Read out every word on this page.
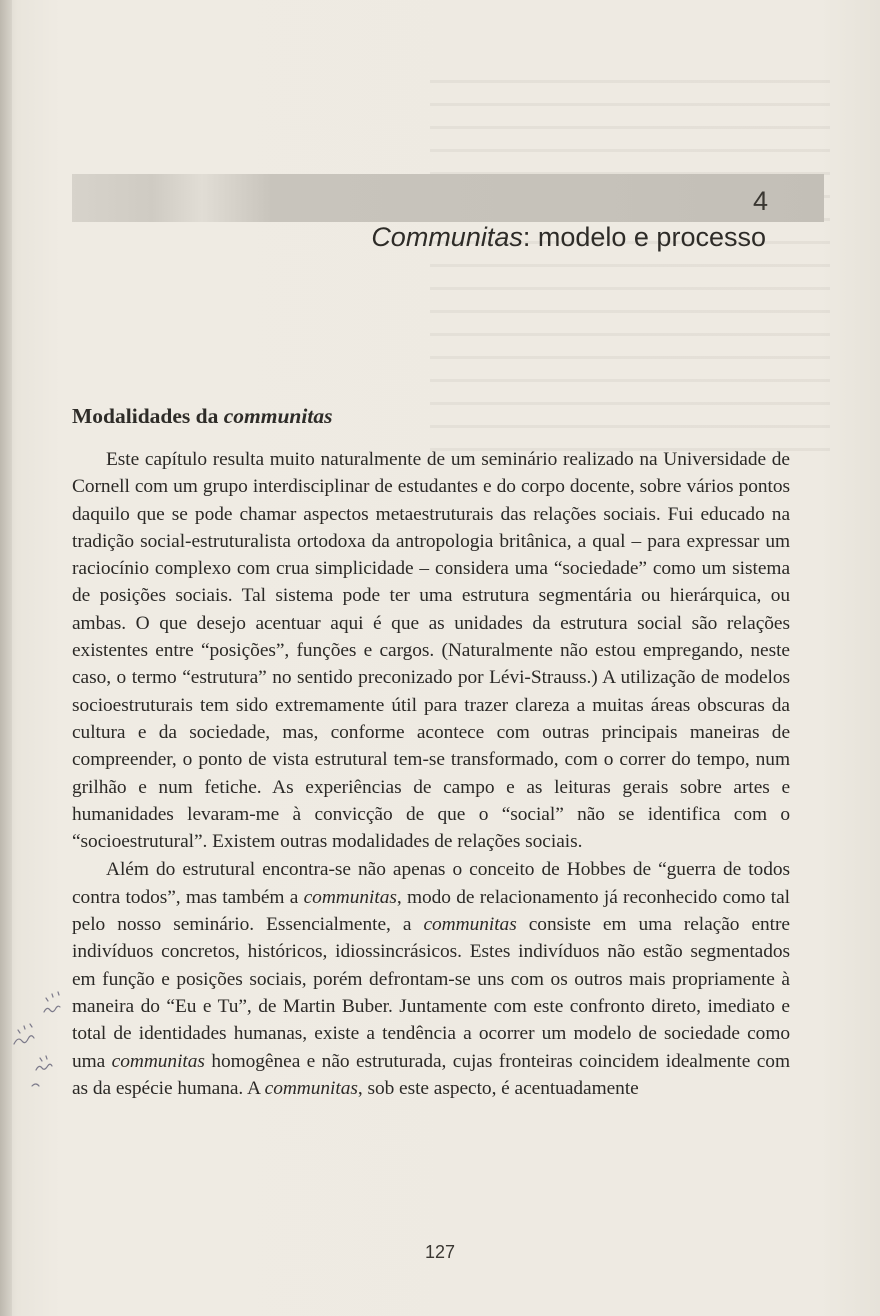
4

Communitas: modelo e processo
Modalidades da communitas

Este capítulo resulta muito naturalmente de um seminário realizado na Universidade de Cornell com um grupo interdisciplinar de estudantes e do corpo docente, sobre vários pontos daquilo que se pode chamar aspectos metaestruturais das relações sociais. Fui educado na tradição social-estruturalista ortodoxa da antropologia britânica, a qual – para expressar um raciocínio complexo com crua simplicidade – considera uma “sociedade” como um sistema de posições sociais. Tal sistema pode ter uma estrutura segmentária ou hierárquica, ou ambas. O que desejo acentuar aqui é que as unidades da estrutura social são relações existentes entre “posições”, funções e cargos. (Naturalmente não estou empregando, neste caso, o termo “estrutura” no sentido preconizado por Lévi-Strauss.) A utilização de modelos socioestruturais tem sido extremamente útil para trazer clareza a muitas áreas obscuras da cultura e da sociedade, mas, conforme acontece com outras principais maneiras de compreender, o ponto de vista estrutural tem-se transformado, com o correr do tempo, num grilhão e num fetiche. As experiências de campo e as leituras gerais sobre artes e humanidades levaram-me à convicção de que o “social” não se identifica com o “socioestrutural”. Existem outras modalidades de relações sociais.

Além do estrutural encontra-se não apenas o conceito de Hobbes de “guerra de todos contra todos”, mas também a communitas, modo de relacionamento já reconhecido como tal pelo nosso seminário. Essencialmente, a communitas consiste em uma relação entre indivíduos concretos, históricos, idiossincrásicos. Estes indivíduos não estão segmentados em função e posições sociais, porém defrontam-se uns com os outros mais propriamente à maneira do “Eu e Tu”, de Martin Buber. Juntamente com este confronto direto, imediato e total de identidades humanas, existe a tendência a ocorrer um modelo de sociedade como uma communitas homogênea e não estruturada, cujas fronteiras coincidem idealmente com as da espécie humana. A communitas, sob este aspecto, é acentuadamente

127
